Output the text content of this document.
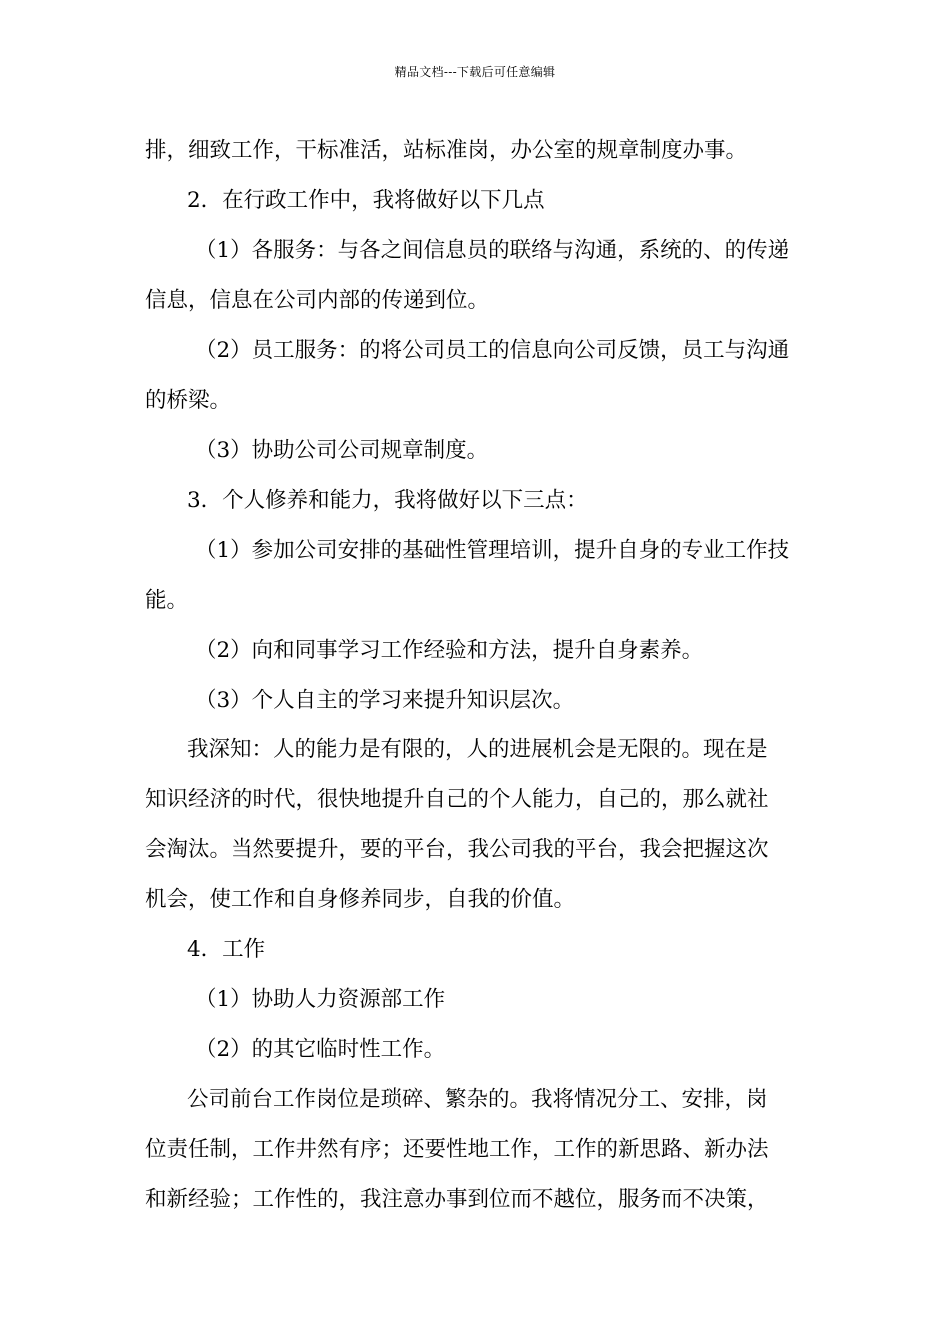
精品文档---下载后可任意编辑
排，细致工作，干标准活，站标准岗，办公室的规章制度办事。
2．在行政工作中，我将做好以下几点
（1）各服务：与各之间信息员的联络与沟通，系统的、的传递
信息，信息在公司内部的传递到位。
（2）员工服务：的将公司员工的信息向公司反馈，员工与沟通
的桥梁。
（3）协助公司公司规章制度。
3．个人修养和能力，我将做好以下三点：
（1）参加公司安排的基础性管理培训，提升自身的专业工作技
能。
（2）向和同事学习工作经验和方法，提升自身素养。
（3）个人自主的学习来提升知识层次。
我深知：人的能力是有限的，人的进展机会是无限的。现在是
知识经济的时代，很快地提升自己的个人能力，自己的，那么就社
会淘汰。当然要提升，要的平台，我公司我的平台，我会把握这次
机会，使工作和自身修养同步，自我的价值。
4．工作
（1）协助人力资源部工作
（2）的其它临时性工作。
公司前台工作岗位是琐碎、繁杂的。我将情况分工、安排，岗
位责任制，工作井然有序；还要性地工作，工作的新思路、新办法
和新经验；工作性的，我注意办事到位而不越位，服务而不决策，
